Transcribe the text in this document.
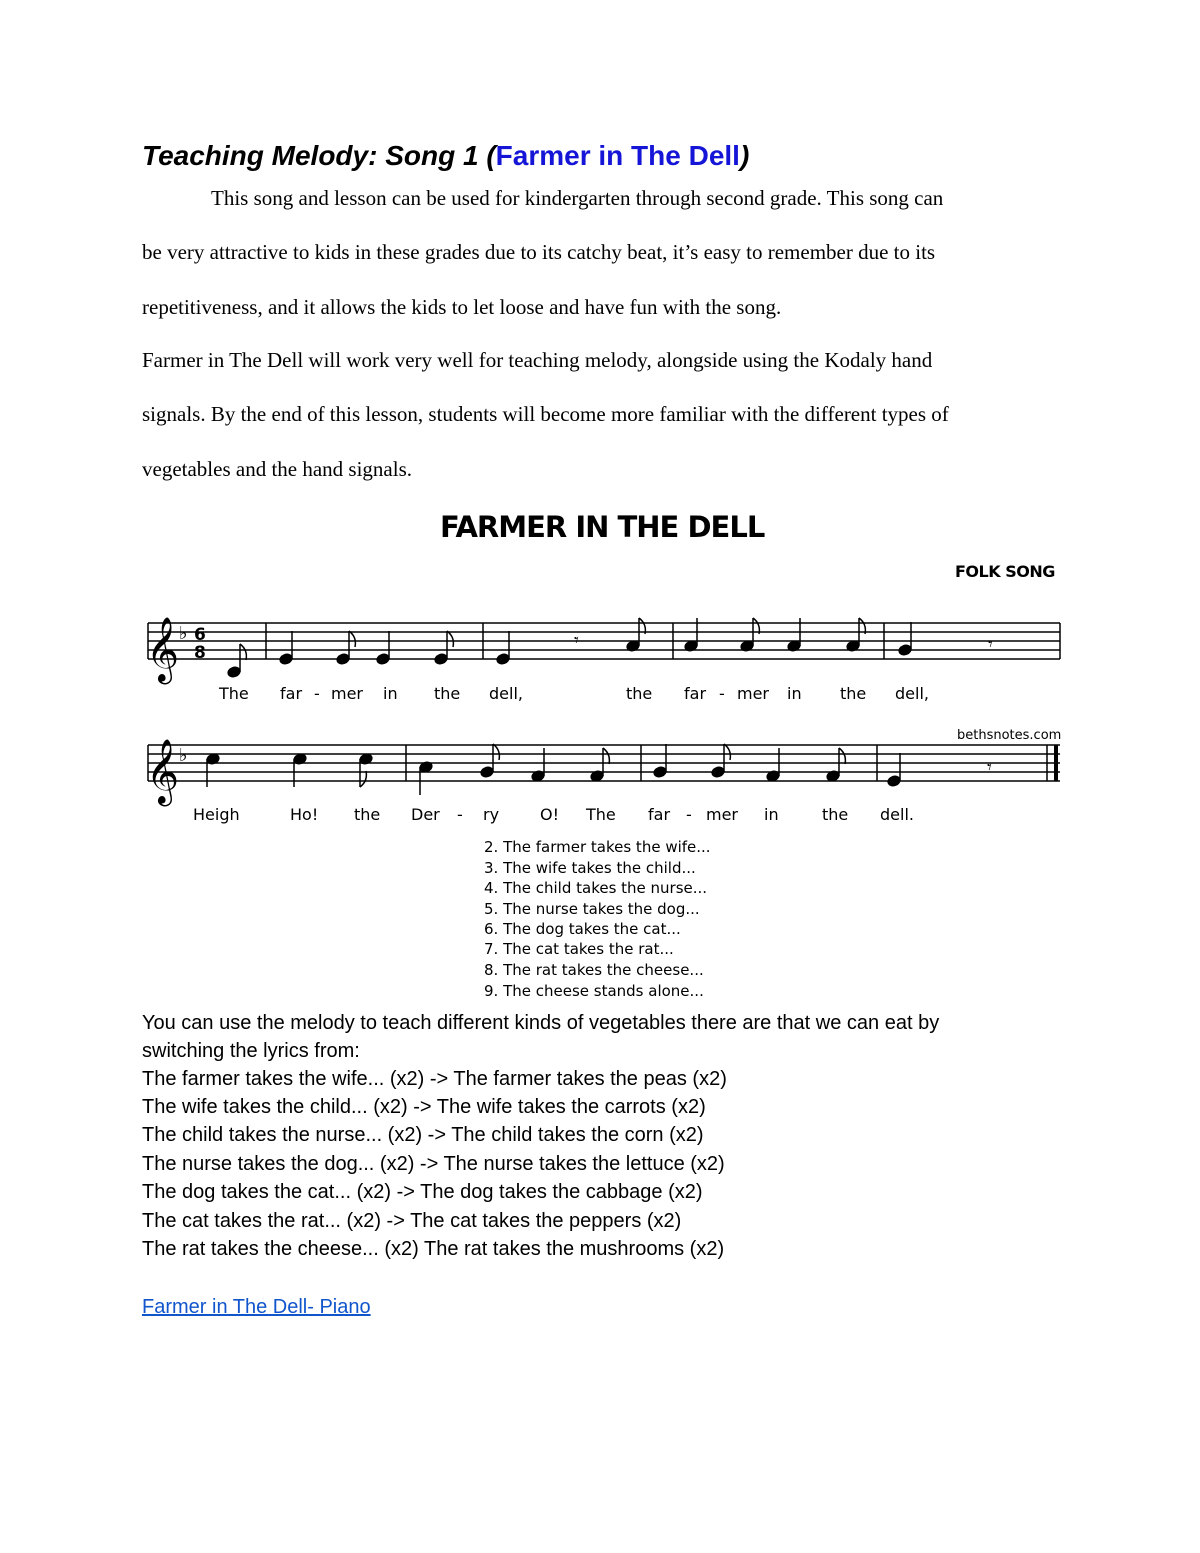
Teaching Melody: Song 1 (Farmer in The Dell)
This song and lesson can be used for kindergarten through second grade. This song can
be very attractive to kids in these grades due to its catchy beat, it’s easy to remember due to its
repetitiveness, and it allows the kids to let loose and have fun with the song.
Farmer in The Dell will work very well for teaching melody, alongside using the Kodaly hand
signals. By the end of this lesson, students will become more familiar with the different types of
vegetables and the hand signals.
FARMER IN THE DELL
FOLK SONG
𝄞
𝄞
♭
♭
6
8
𝄾	𝄾
𝄾
bethsnotes.com
The far - mer in the dell,	the far - mer in the dell,
Heigh	Ho! the Der - ry	O! The far - mer in	the dell.
2. The farmer takes the wife...
3. The wife takes the child...
4. The child takes the nurse...
5. The nurse takes the dog...
6. The dog takes the cat...
7. The cat takes the rat...
8. The rat takes the cheese...
9. The cheese stands alone...
You can use the melody to teach different kinds of vegetables there are that we can eat by
switching the lyrics from:
The farmer takes the wife... (x2) -> The farmer takes the peas (x2)
The wife takes the child... (x2) -> The wife takes the carrots (x2)
The child takes the nurse... (x2) -> The child takes the corn (x2)
The nurse takes the dog... (x2) -> The nurse takes the lettuce (x2)
The dog takes the cat... (x2) -> The dog takes the cabbage (x2)
The cat takes the rat... (x2) -> The cat takes the peppers (x2)
The rat takes the cheese... (x2) The rat takes the mushrooms (x2)
Farmer in The Dell- Piano
